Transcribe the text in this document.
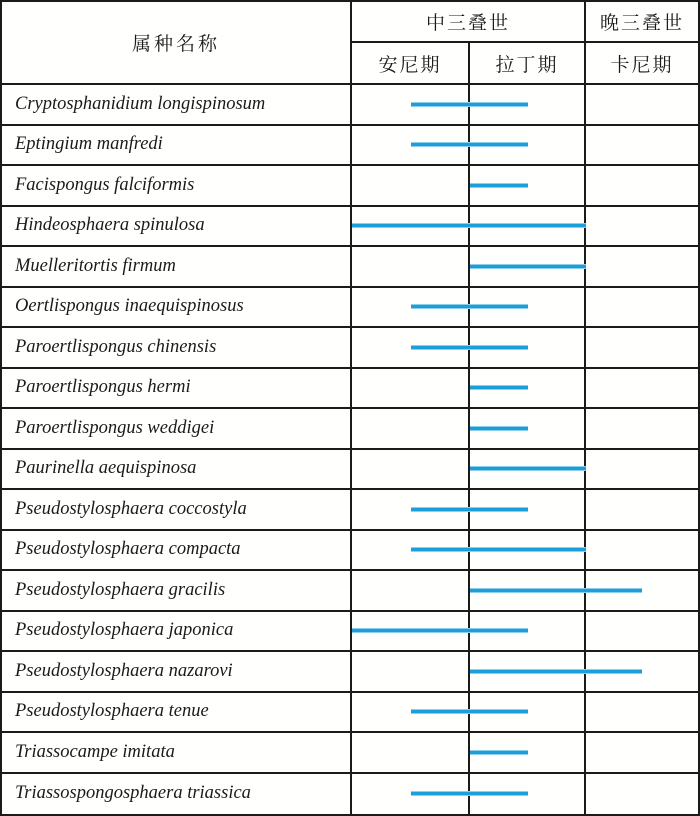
属种名称
中三叠世	晚三叠世
安尼期	拉丁期	卡尼期
Cryptosphanidium longispinosum
Eptingium manfredi
Facispongus falciformis
Hindeosphaera spinulosa
Muelleritortis firmum
Oertlispongus inaequispinosus
Paroertlispongus chinensis
Paroertlispongus hermi
Paroertlispongus weddigei
Paurinella aequispinosa
Pseudostylosphaera coccostyla
Pseudostylosphaera compacta
Pseudostylosphaera gracilis
Pseudostylosphaera japonica
Pseudostylosphaera nazarovi
Pseudostylosphaera tenue
Triassocampe imitata
Triassospongosphaera triassica
